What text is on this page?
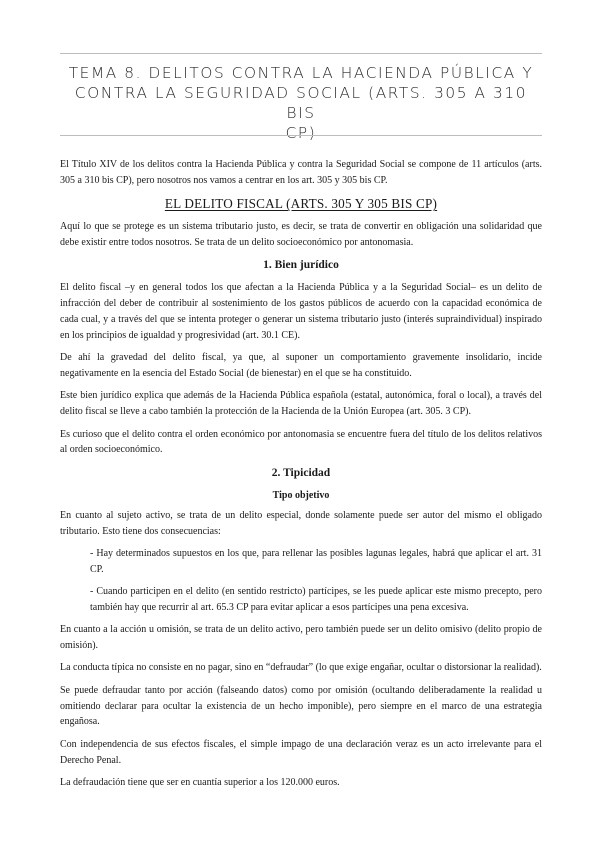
TEMA 8. DELITOS CONTRA LA HACIENDA PÚBLICA Y
CONTRA LA SEGURIDAD SOCIAL (ARTS. 305 A 310 BIS
CP)

El Título XIV de los delitos contra la Hacienda Pública y contra la Seguridad Social se compone de 11 artículos (arts. 305 a 310 bis CP), pero nosotros nos vamos a centrar en los art. 305 y 305 bis CP.

EL DELITO FISCAL (ARTS. 305 Y 305 BIS CP)

Aquí lo que se protege es un sistema tributario justo, es decir, se trata de convertir en obligación una solidaridad que debe existir entre todos nosotros. Se trata de un delito socioeconómico por antonomasia.

1. Bien jurídico

El delito fiscal –y en general todos los que afectan a la Hacienda Pública y a la Seguridad Social– es un delito de infracción del deber de contribuir al sostenimiento de los gastos públicos de acuerdo con la capacidad económica de cada cual, y a través del que se intenta proteger o generar un sistema tributario justo (interés supraindividual) inspirado en los principios de igualdad y progresividad (art. 30.1 CE).

De ahí la gravedad del delito fiscal, ya que, al suponer un comportamiento gravemente insolidario, incide negativamente en la esencia del Estado Social (de bienestar) en el que se ha constituido.

Este bien jurídico explica que además de la Hacienda Pública española (estatal, autonómica, foral o local), a través del delito fiscal se lleve a cabo también la protección de la Hacienda de la Unión Europea (art. 305. 3 CP).

Es curioso que el delito contra el orden económico por antonomasia se encuentre fuera del título de los delitos relativos al orden socioeconómico.

2. Tipicidad
Tipo objetivo

En cuanto al sujeto activo, se trata de un delito especial, donde solamente puede ser autor del mismo el obligado tributario. Esto tiene dos consecuencias:

- Hay determinados supuestos en los que, para rellenar las posibles lagunas legales, habrá que aplicar el art. 31 CP.

- Cuando participen en el delito (en sentido restricto) partícipes, se les puede aplicar este mismo precepto, pero también hay que recurrir al art. 65.3 CP para evitar aplicar a esos partícipes una pena excesiva.

En cuanto a la acción u omisión, se trata de un delito activo, pero también puede ser un delito omisivo (delito propio de omisión).

La conducta típica no consiste en no pagar, sino en “defraudar” (lo que exige engañar, ocultar o distorsionar la realidad).

Se puede defraudar tanto por acción (falseando datos) como por omisión (ocultando deliberadamente la realidad u omitiendo declarar para ocultar la existencia de un hecho imponible), pero siempre en el marco de una estrategia engañosa.

Con independencia de sus efectos fiscales, el simple impago de una declaración veraz es un acto irrelevante para el Derecho Penal.

La defraudación tiene que ser en cuantía superior a los 120.000 euros.
